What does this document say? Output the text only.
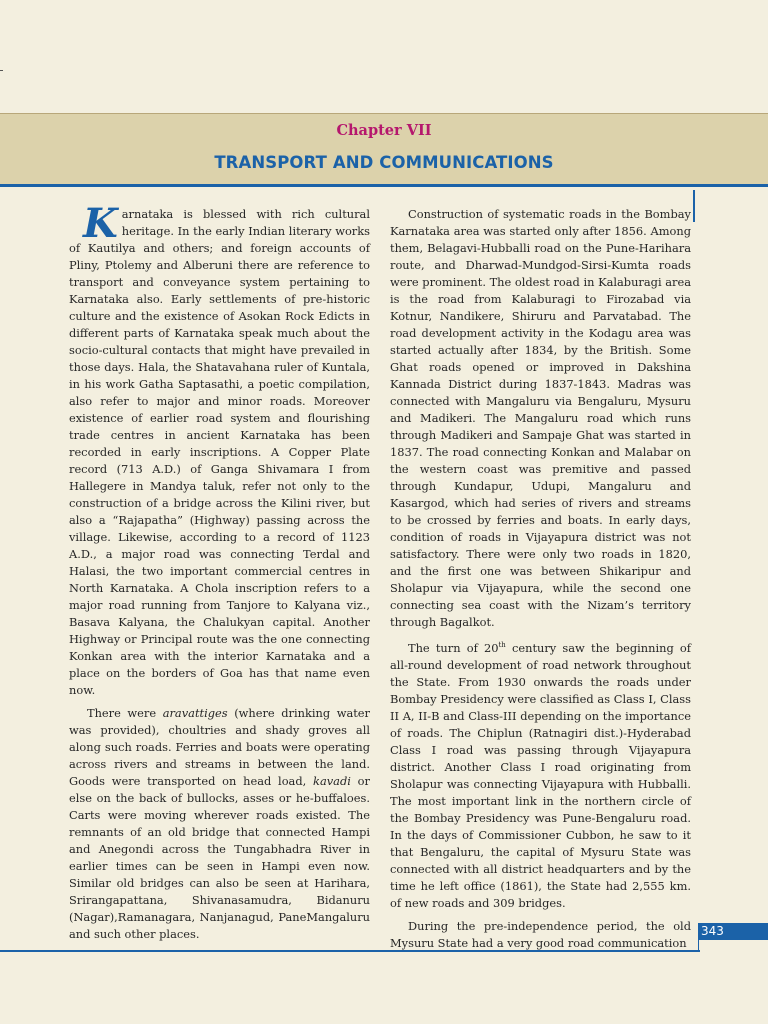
Chapter VII
TRANSPORT AND COMMUNICATIONS

Karnataka is blessed with rich cultural heritage. In the early Indian literary works of Kautilya and others; and foreign accounts of Pliny, Ptolemy and Alberuni there are reference to transport and conveyance system pertaining to Karnataka also. Early settlements of pre-historic culture and the existence of Asokan Rock Edicts in different parts of Karnataka speak much about the socio-cultural contacts that might have prevailed in those days. Hala, the Shatavahana ruler of Kuntala, in his work Gatha Saptasathi, a poetic compilation, also refer to major and minor roads. Moreover existence of earlier road system and flourishing trade centres in ancient Karnataka has been recorded in early inscriptions. A Copper Plate record (713 A.D.) of Ganga Shivamara I from Hallegere in Mandya taluk, refer not only to the construction of a bridge across the Kilini river, but also a “Rajapatha” (Highway) passing across the village. Likewise, according to a record of 1123 A.D., a major road was connecting Terdal and Halasi, the two important commercial centres in North Karnataka. A Chola inscription refers to a major road running from Tanjore to Kalyana viz., Basava Kalyana, the Chalukyan capital. Another Highway or Principal route was the one connecting Konkan area with the interior Karnataka and a place on the borders of Goa has that name even now.

There were aravattiges (where drinking water was provided), choultries and shady groves all along such roads. Ferries and boats were operating across rivers and streams in between the land. Goods were transported on head load, kavadi or else on the back of bullocks, asses or he-buffaloes. Carts were moving wherever roads existed. The remnants of an old bridge that connected Hampi and Anegondi across the Tungabhadra River in earlier times can be seen in Hampi even now. Similar old bridges can also be seen at Harihara, Srirangapattana, Shivanasamudra, Bidanuru (Nagar),Ramanagara, Nanjanagud, PaneMangaluru and such other places.

Construction of systematic roads in the Bombay Karnataka area was started only after 1856. Among them, Belagavi-Hubballi road on the Pune-Harihara route, and Dharwad-Mundgod-Sirsi-Kumta roads were prominent. The oldest road in Kalaburagi area is the road from Kalaburagi to Firozabad via Kotnur, Nandikere, Shiruru and Parvatabad. The road development activity in the Kodagu area was started actually after 1834, by the British. Some Ghat roads opened or improved in Dakshina Kannada District during 1837-1843. Madras was connected with Mangaluru via Bengaluru, Mysuru and Madikeri. The Mangaluru road which runs through Madikeri and Sampaje Ghat was started in 1837. The road connecting Konkan and Malabar on the western coast was premitive and passed through Kundapur, Udupi, Mangaluru and Kasargod, which had series of rivers and streams to be crossed by ferries and boats. In early days, condition of roads in Vijayapura district was not satisfactory. There were only two roads in 1820, and the first one was between Shikaripur and Sholapur via Vijayapura, while the second one connecting sea coast with the Nizam’s territory through Bagalkot.

The turn of 20th century saw the beginning of all-round development of road network throughout the State. From 1930 onwards the roads under Bombay Presidency were classified as Class I, Class II A, II-B and Class-III depending on the importance of roads. The Chiplun (Ratnagiri dist.)-Hyderabad Class I road was passing through Vijayapura district. Another Class I road originating from Sholapur was connecting Vijayapura with Hubballi. The most important link in the northern circle of the Bombay Presidency was Pune-Bengaluru road. In the days of Commissioner Cubbon, he saw to it that Bengaluru, the capital of Mysuru State was connected with all district headquarters and by the time he left office (1861), the State had 2,555 km. of new roads and 309 bridges.

During the pre-independence period, the old Mysuru State had a very good road communication

343
